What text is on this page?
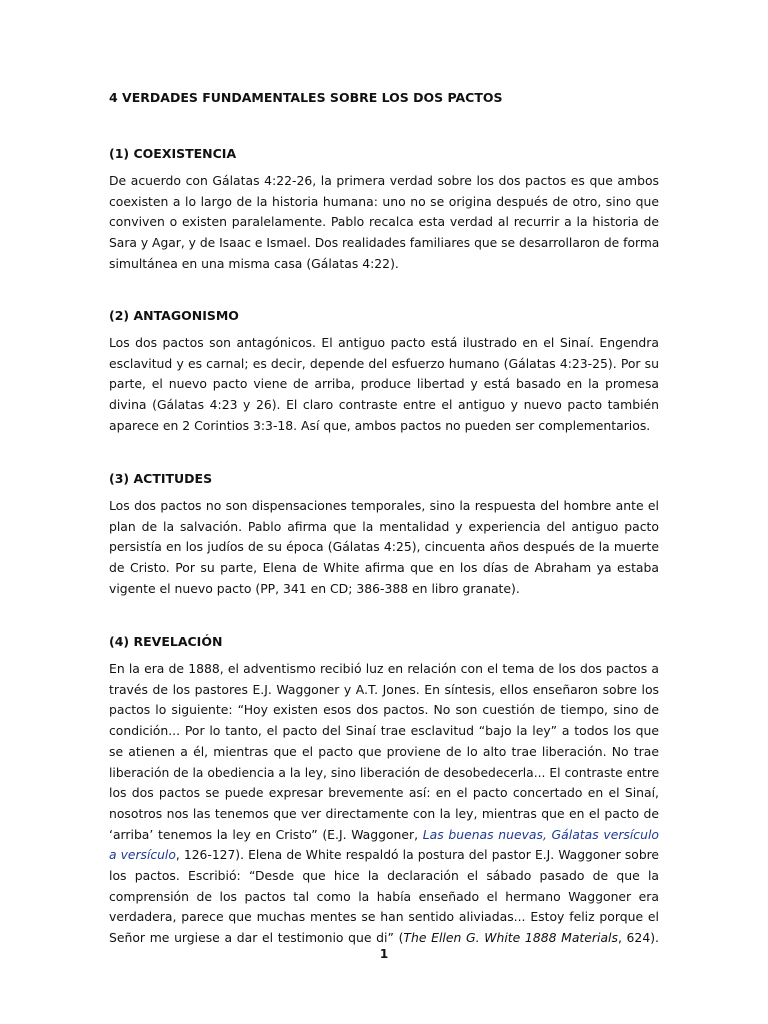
4 VERDADES FUNDAMENTALES SOBRE LOS DOS PACTOS
(1) COEXISTENCIA

De acuerdo con Gálatas 4:22-26, la primera verdad sobre los dos pactos es que ambos
coexisten a lo largo de la historia humana: uno no se origina después de otro, sino que
conviven o existen paralelamente. Pablo recalca esta verdad al recurrir a la historia de
Sara y Agar, y de Isaac e Ismael. Dos realidades familiares que se desarrollaron de forma
simultánea en una misma casa (Gálatas 4:22).

(2) ANTAGONISMO

Los dos pactos son antagónicos. El antiguo pacto está ilustrado en el Sinaí. Engendra
esclavitud y es carnal; es decir, depende del esfuerzo humano (Gálatas 4:23-25). Por su
parte, el nuevo pacto viene de arriba, produce libertad y está basado en la promesa
divina (Gálatas 4:23 y 26). El claro contraste entre el antiguo y nuevo pacto también
aparece en 2 Corintios 3:3-18. Así que, ambos pactos no pueden ser complementarios.

(3) ACTITUDES

Los dos pactos no son dispensaciones temporales, sino la respuesta del hombre ante el
plan de la salvación. Pablo afirma que la mentalidad y experiencia del antiguo pacto
persistía en los judíos de su época (Gálatas 4:25), cincuenta años después de la muerte
de Cristo. Por su parte, Elena de White afirma que en los días de Abraham ya estaba
vigente el nuevo pacto (PP, 341 en CD; 386-388 en libro granate).

(4) REVELACIÓN

En la era de 1888, el adventismo recibió luz en relación con el tema de los dos pactos a
través de los pastores E.J. Waggoner y A.T. Jones. En síntesis, ellos enseñaron sobre los
pactos lo siguiente: “Hoy existen esos dos pactos. No son cuestión de tiempo, sino de
condición... Por lo tanto, el pacto del Sinaí trae esclavitud “bajo la ley” a todos los que
se atienen a él, mientras que el pacto que proviene de lo alto trae liberación. No trae
liberación de la obediencia a la ley, sino liberación de desobedecerla... El contraste entre
los dos pactos se puede expresar brevemente así: en el pacto concertado en el Sinaí,
nosotros nos las tenemos que ver directamente con la ley, mientras que en el pacto de
‘arriba’ tenemos la ley en Cristo” (E.J. Waggoner, Las buenas nuevas, Gálatas versículo
a versículo, 126-127). Elena de White respaldó la postura del pastor E.J. Waggoner sobre
los pactos. Escribió: “Desde que hice la declaración el sábado pasado de que la
comprensión de los pactos tal como la había enseñado el hermano Waggoner era
verdadera, parece que muchas mentes se han sentido aliviadas... Estoy feliz porque el
Señor me urgiese a dar el testimonio que di” (The Ellen G. White 1888 Materials, 624).

1
